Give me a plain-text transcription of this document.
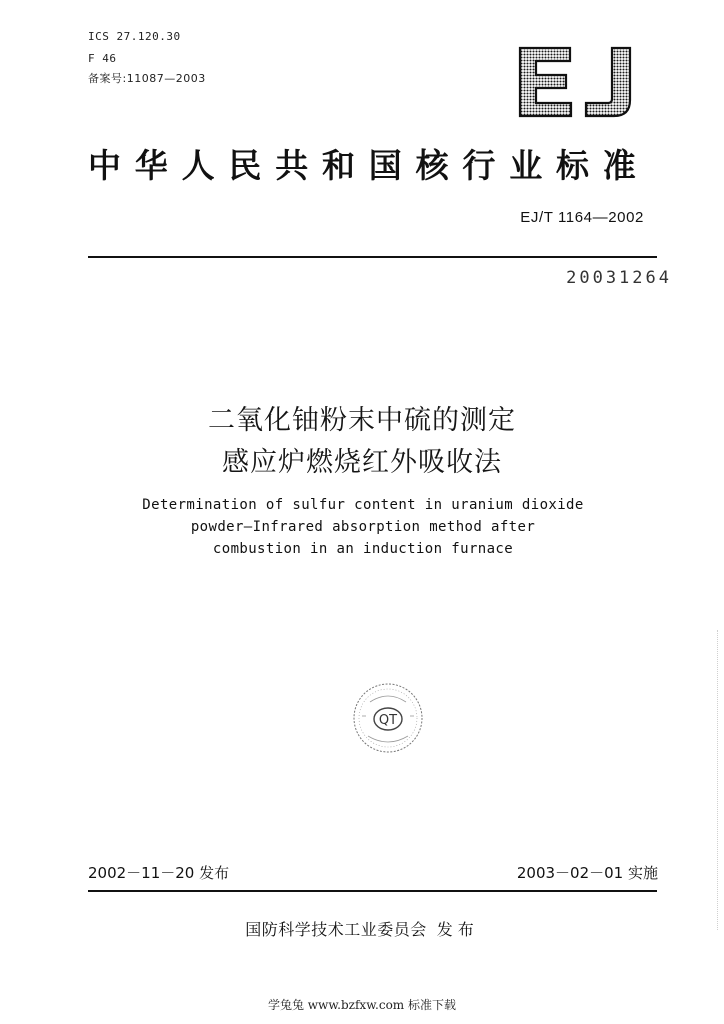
ICS 27.120.30
F 46
备案号:11087—2003
EJ
中华人民共和国核行业标准
EJ/T 1164—2002
20031264
二氧化铀粉末中硫的测定
感应炉燃烧红外吸收法
Determination of sulfur content in uranium dioxide
powder—Infrared absorption method after
combustion in an induction furnace
QT
2002－11－20 发布	2003－02－01 实施
国防科学技术工业委员会 发布
学兔兔 www.bzfxw.com 标准下载
